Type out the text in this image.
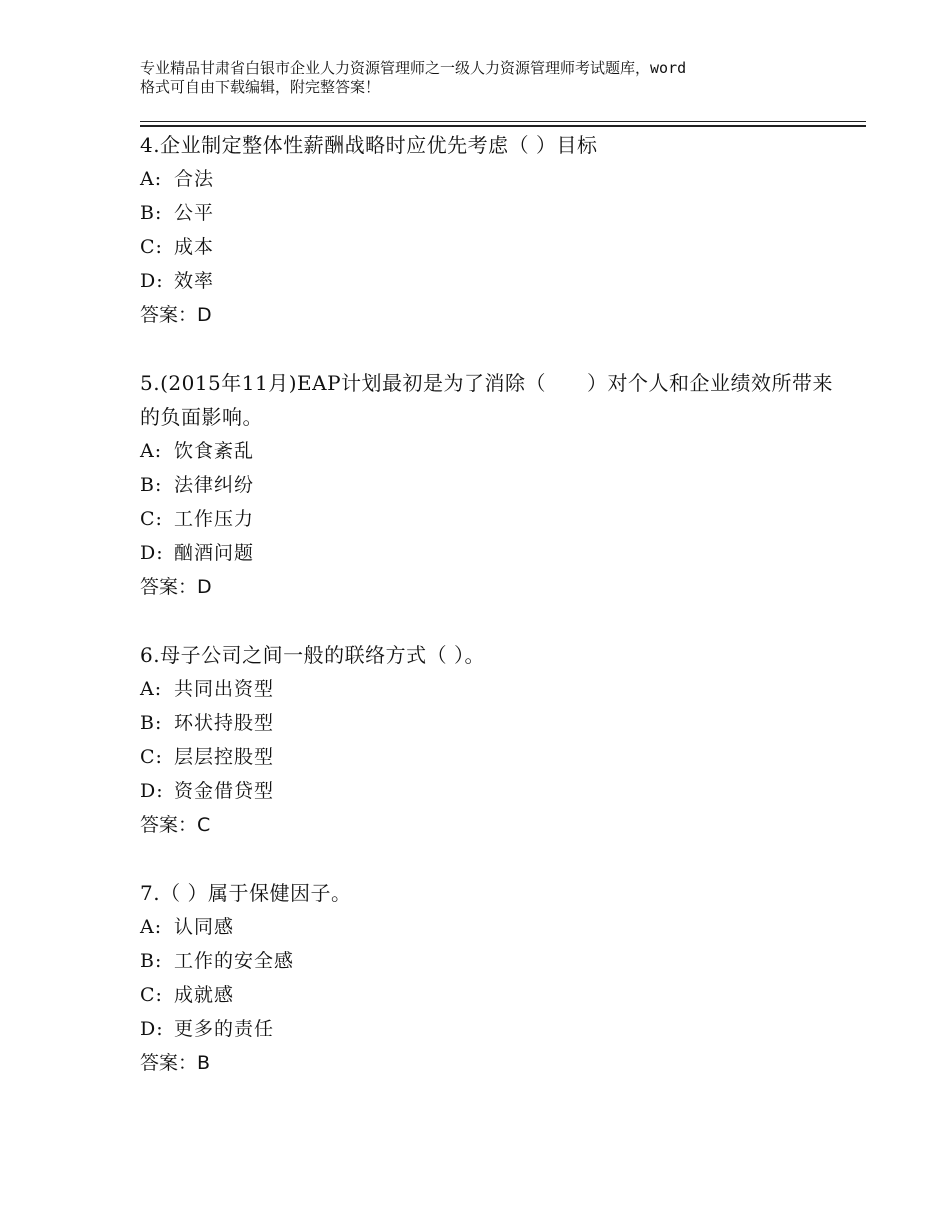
专业精品甘肃省白银市企业人力资源管理师之一级人力资源管理师考试题库，word
格式可自由下载编辑，附完整答案！

4.企业制定整体性薪酬战略时应优先考虑（ ）目标

A: 合法

B: 公平

C: 成本

D: 效率

答案：D

5.(2015年11月)EAP计划最初是为了消除（　　）对个人和企业绩效所带来的负面影响。

A: 饮食紊乱

B: 法律纠纷

C: 工作压力

D: 酗酒问题

答案：D

6.母子公司之间一般的联络方式（ ）。

A: 共同出资型

B: 环状持股型

C: 层层控股型

D: 资金借贷型

答案：C

7.（ ）属于保健因子。

A: 认同感

B: 工作的安全感

C: 成就感

D: 更多的责任

答案：B
